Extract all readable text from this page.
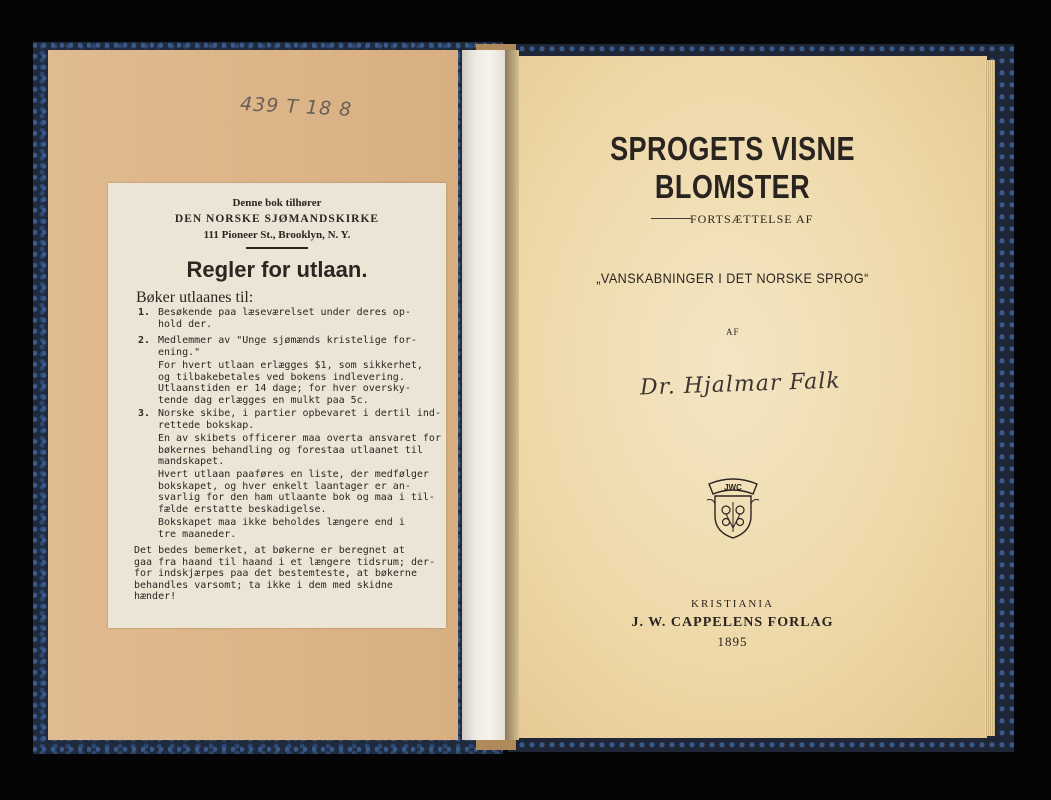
439 T 18 8
Denne bok tilhører
DEN NORSKE SJØMANDSKIRKE
111 Pioneer St., Brooklyn, N. Y.
Regler for utlaan.
Bøker utlaanes til:
1. Besøkende paa læseværelset under deres op-
hold der.
2. Medlemmer av "Unge sjømænds kristelige for-
ening."
For hvert utlaan erlægges $1, som sikkerhet,
og tilbakebetales ved bokens indlevering.
Utlaanstiden er 14 dage; for hver oversky-
tende dag erlægges en mulkt paa 5c.
3. Norske skibe, i partier opbevaret i dertil ind-
rettede bokskap.
En av skibets officerer maa overta ansvaret for
bøkernes behandling og forestaa utlaanet til
mandskapet.
Hvert utlaan paaføres en liste, der medfølger
bokskapet, og hver enkelt laantager er an-
svarlig for den ham utlaante bok og maa i til-
fælde erstatte beskadigelse.
Bokskapet maa ikke beholdes længere end i
tre maaneder.
Det bedes bemerket, at bøkerne er beregnet at
gaa fra haand til haand i et længere tidsrum; der-
for indskjærpes paa det bestemteste, at bøkerne
behandles varsomt; ta ikke i dem med skidne
hænder!
SPROGETS VISNE BLOMSTER
FORTSÆTTELSE AF
„VANSKABNINGER I DET NORSKE SPROG“
AF
Dr. Hjalmar Falk
JWC
KRISTIANIA
J. W. CAPPELENS FORLAG
1895
